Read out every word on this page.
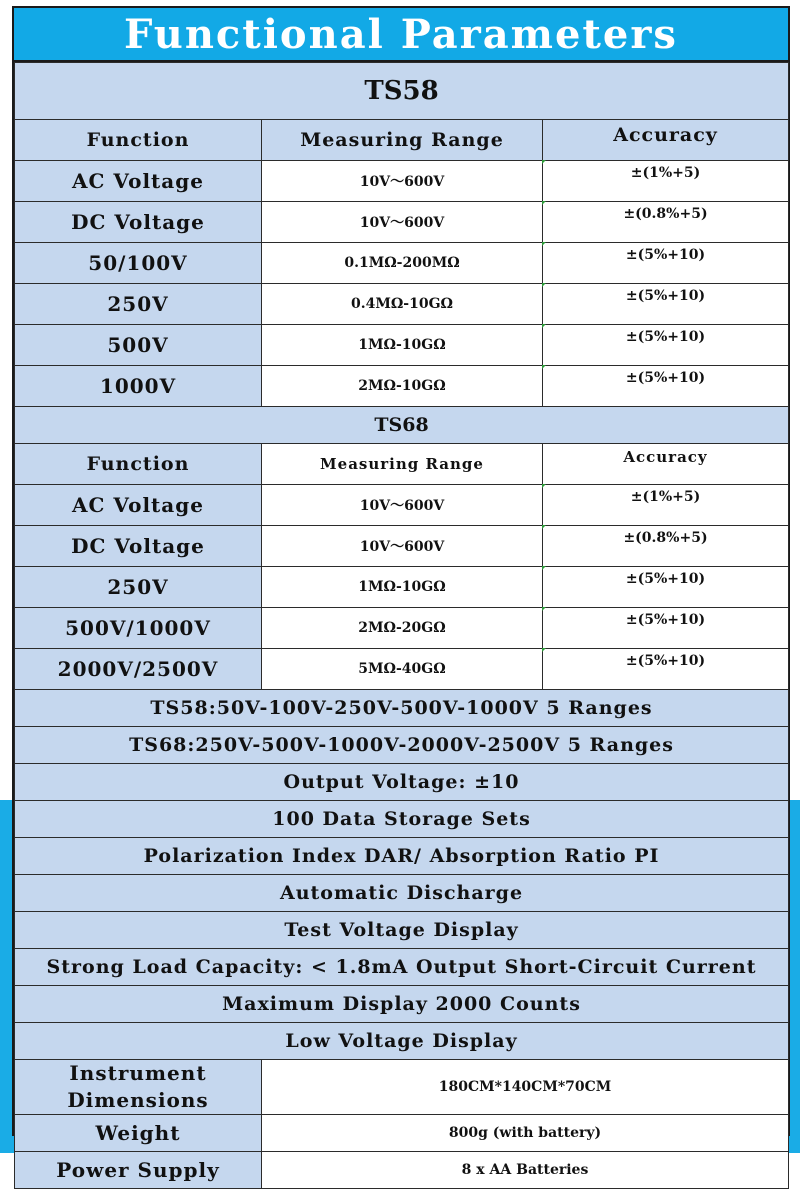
Functional Parameters
TS58		
Function	Measuring Range	Accuracy
AC Voltage	10V～600V	±(1%+5)
DC Voltage	10V～600V	±(0.8%+5)
50/100V	0.1MΩ-200MΩ	±(5%+10)
250V	0.4MΩ-10GΩ	±(5%+10)
500V	1MΩ-10GΩ	±(5%+10)
1000V	2MΩ-10GΩ	±(5%+10)
TS68		
Function	Measuring Range	Accuracy
AC Voltage	10V～600V	±(1%+5)
DC Voltage	10V～600V	±(0.8%+5)
250V	1MΩ-10GΩ	±(5%+10)
500V/1000V	2MΩ-20GΩ	±(5%+10)
2000V/2500V	5MΩ-40GΩ	±(5%+10)
TS58:50V-100V-250V-500V-1000V 5 Ranges		
TS68:250V-500V-1000V-2000V-2500V 5 Ranges		
Output Voltage: ±10		
100 Data Storage Sets		
Polarization Index DAR/ Absorption Ratio PI		
Automatic Discharge		
Test Voltage Display		
Strong Load Capacity: < 1.8mA Output Short-Circuit Current		
Maximum Display 2000 Counts		
Low Voltage Display		
Instrument Dimensions	180CM*140CM*70CM	
Weight	800g (with battery)	
Power Supply	8 x AA Batteries	
